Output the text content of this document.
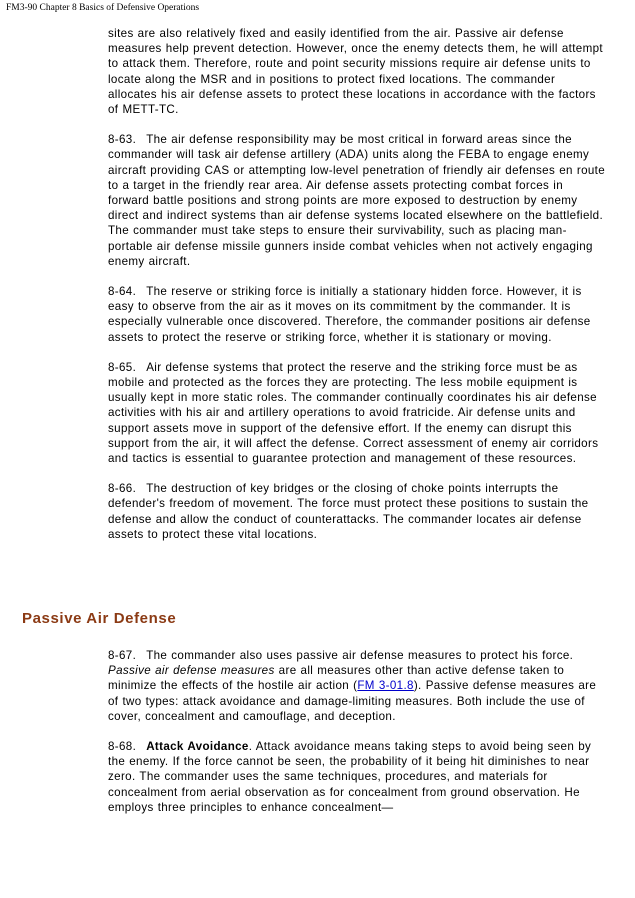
FM3-90 Chapter 8 Basics of Defensive Operations

sites are also relatively fixed and easily identified from the air. Passive air defense measures help prevent detection. However, once the enemy detects them, he will attempt to attack them. Therefore, route and point security missions require air defense units to locate along the MSR and in positions to protect fixed locations. The commander allocates his air defense assets to protect these locations in accordance with the factors of METT-TC.

8-63. The air defense responsibility may be most critical in forward areas since the commander will task air defense artillery (ADA) units along the FEBA to engage enemy aircraft providing CAS or attempting low-level penetration of friendly air defenses en route to a target in the friendly rear area. Air defense assets protecting combat forces in forward battle positions and strong points are more exposed to destruction by enemy direct and indirect systems than air defense systems located elsewhere on the battlefield. The commander must take steps to ensure their survivability, such as placing man-portable air defense missile gunners inside combat vehicles when not actively engaging enemy aircraft.

8-64. The reserve or striking force is initially a stationary hidden force. However, it is easy to observe from the air as it moves on its commitment by the commander. It is especially vulnerable once discovered. Therefore, the commander positions air defense assets to protect the reserve or striking force, whether it is stationary or moving.

8-65. Air defense systems that protect the reserve and the striking force must be as mobile and protected as the forces they are protecting. The less mobile equipment is usually kept in more static roles. The commander continually coordinates his air defense activities with his air and artillery operations to avoid fratricide. Air defense units and support assets move in support of the defensive effort. If the enemy can disrupt this support from the air, it will affect the defense. Correct assessment of enemy air corridors and tactics is essential to guarantee protection and management of these resources.

8-66. The destruction of key bridges or the closing of choke points interrupts the defender's freedom of movement. The force must protect these positions to sustain the defense and allow the conduct of counterattacks. The commander locates air defense assets to protect these vital locations.

Passive Air Defense

8-67. The commander also uses passive air defense measures to protect his force. Passive air defense measures are all measures other than active defense taken to minimize the effects of the hostile air action (FM 3-01.8). Passive defense measures are of two types: attack avoidance and damage-limiting measures. Both include the use of cover, concealment and camouflage, and deception.

8-68. Attack Avoidance. Attack avoidance means taking steps to avoid being seen by the enemy. If the force cannot be seen, the probability of it being hit diminishes to near zero. The commander uses the same techniques, procedures, and materials for concealment from aerial observation as for concealment from ground observation. He employs three principles to enhance concealment—
